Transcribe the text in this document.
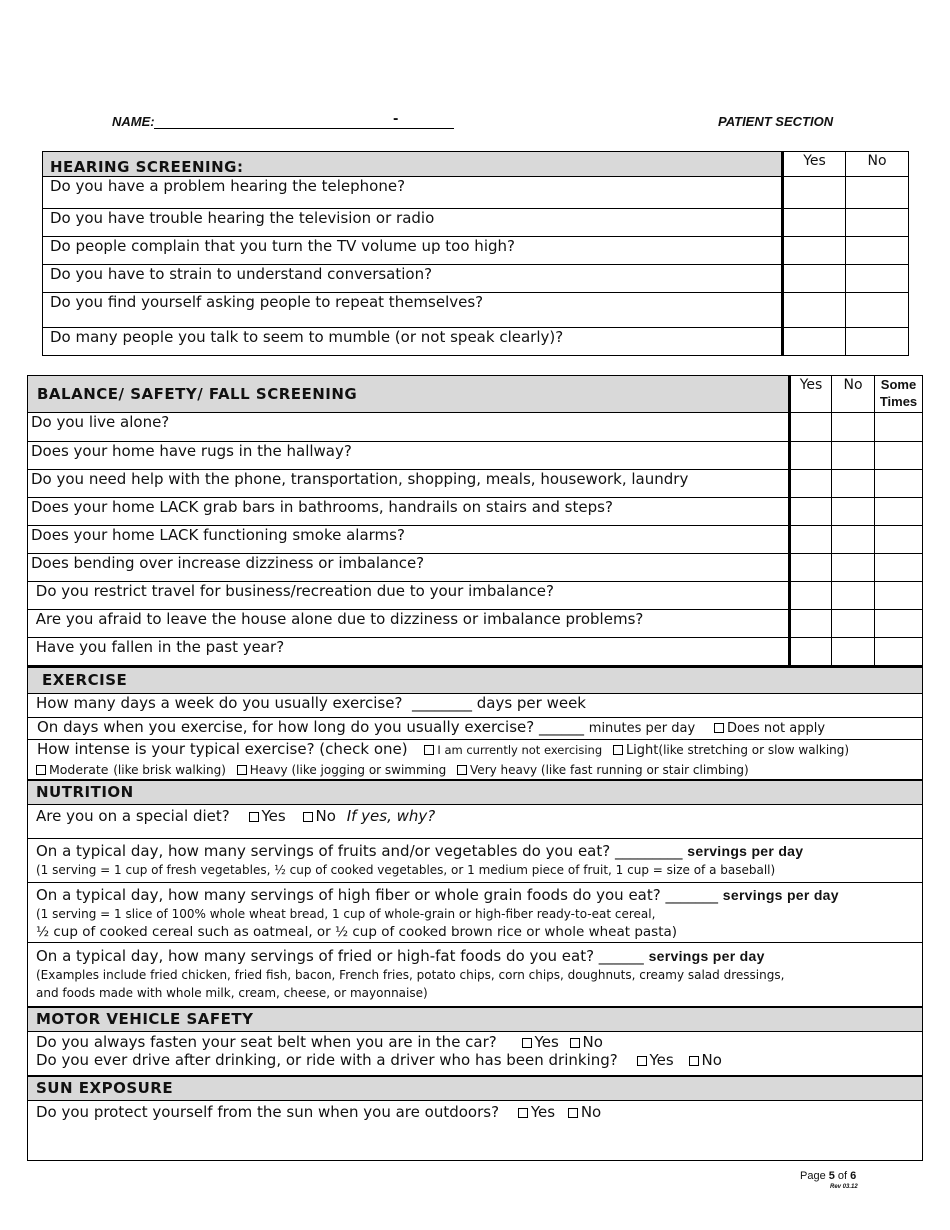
NAME:	-	PATIENT SECTION
HEARING SCREENING:	Yes	No
Do you have a problem hearing the telephone?		
Do you have trouble hearing the television or radio		
Do people complain that you turn the TV volume up too high?		
Do you have to strain to understand conversation?		
Do you find yourself asking people to repeat themselves?		
Do many people you talk to seem to mumble (or not speak clearly)?		
BALANCE/ SAFETY/ FALL SCREENING	Yes	No	Some
Times
Do you live alone?			
Does your home have rugs in the hallway?			
Do you need help with the phone, transportation, shopping, meals, housework, laundry			
Does your home LACK grab bars in bathrooms, handrails on stairs and steps?			
Does your home LACK functioning smoke alarms?			
Does bending over increase dizziness or imbalance?			
Do you restrict travel for business/recreation due to your imbalance?			
Are you afraid to leave the house alone due to dizziness or imbalance problems?			
Have you fallen in the past year?			
EXERCISE
How many days a week do you usually exercise?  ________ days per week
On days when you exercise, for how long do you usually exercise? ______ minutes per day Does not apply
How intense is your typical exercise? (check one)	I am currently not exercising Light(like stretching or slow walking)
Moderate (like brisk walking) Heavy (like jogging or swimming Very heavy (like fast running or stair climbing)
NUTRITION
Are you on a special diet? Yes No If yes, why?
On a typical day, how many servings of fruits and/or vegetables do you eat? _________ servings per day
(1 serving = 1 cup of fresh vegetables, ½ cup of cooked vegetables, or 1 medium piece of fruit, 1 cup = size of a baseball)
On a typical day, how many servings of high fiber or whole grain foods do you eat? _______ servings per day
(1 serving = 1 slice of 100% whole wheat bread, 1 cup of whole-grain or high-fiber ready-to-eat cereal,
½ cup of cooked cereal such as oatmeal, or ½ cup of cooked brown rice or whole wheat pasta)
On a typical day, how many servings of fried or high-fat foods do you eat? ______ servings per day
(Examples include fried chicken, fried fish, bacon, French fries, potato chips, corn chips, doughnuts, creamy salad dressings,
and foods made with whole milk, cream, cheese, or mayonnaise)
MOTOR VEHICLE SAFETY
Do you always fasten your seat belt when you are in the car?	Yes No
Do you ever drive after drinking, or ride with a driver who has been drinking? Yes No
SUN EXPOSURE
Do you protect yourself from the sun when you are outdoors? Yes No
Page 5 of 6
Rev 03.12
